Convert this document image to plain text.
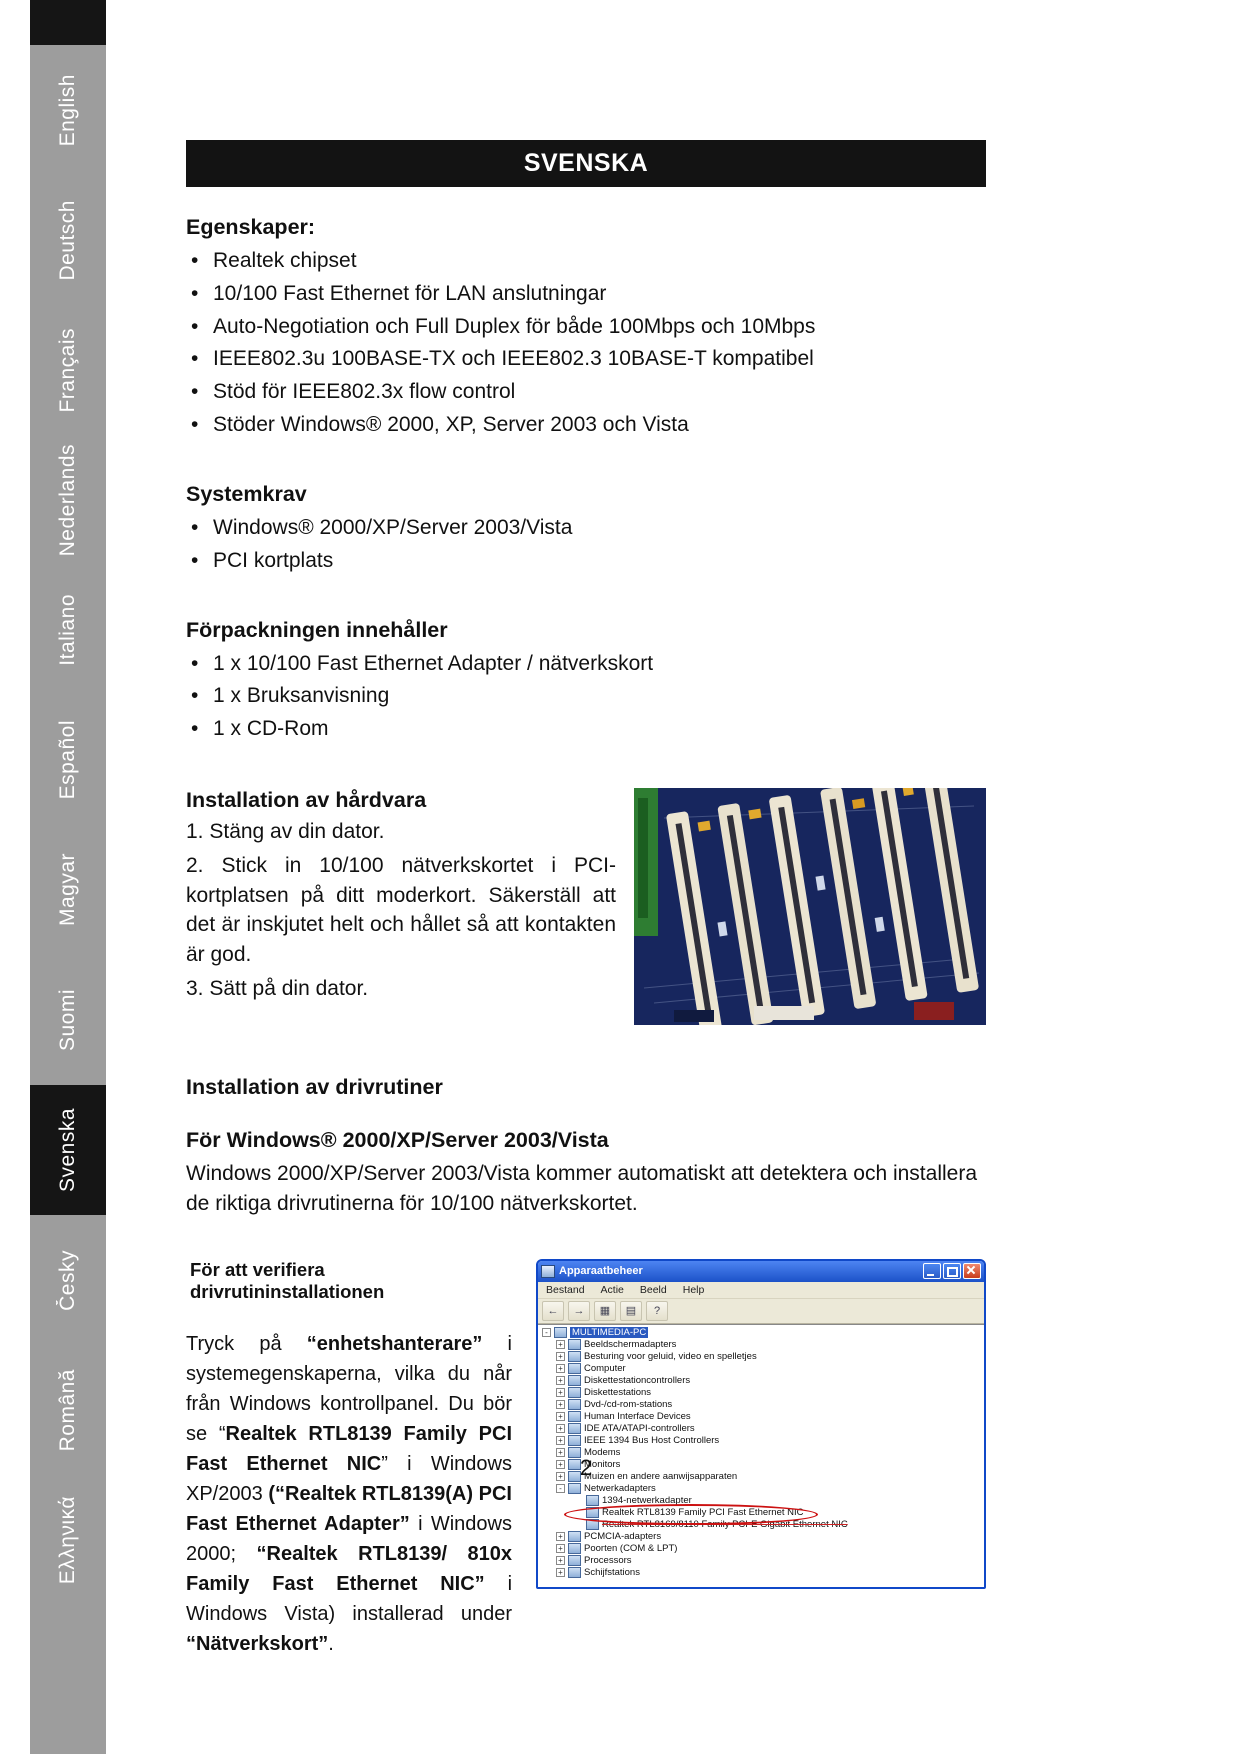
English
Deutsch
Français
Nederlands
Italiano
Español
Magyar
Suomi
Svenska
Česky
Română
Ελληνικά
SVENSKA

Egenskaper:

• Realtek chipset
• 10/100 Fast Ethernet för LAN anslutningar
• Auto-Negotiation och Full Duplex för både 100Mbps och 10Mbps
• IEEE802.3u 100BASE-TX och IEEE802.3 10BASE-T kompatibel
• Stöd för IEEE802.3x flow control
• Stöder Windows® 2000, XP, Server 2003 och Vista

Systemkrav

• Windows® 2000/XP/Server 2003/Vista
• PCI kortplats

Förpackningen innehåller

• 1 x 10/100 Fast Ethernet Adapter / nätverkskort
• 1 x Bruksanvisning
• 1 x CD-Rom

Installation av hårdvara

1. Stäng av din dator.

2. Stick in 10/100 nätverkskortet i PCI-kortplatsen på ditt moderkort. Säkerställ att det är inskjutet helt och hållet så att kontakten är god.

3. Sätt på din dator.

Installation av drivrutiner

För Windows® 2000/XP/Server 2003/Vista

Windows 2000/XP/Server 2003/Vista kommer automatiskt att detektera och installera de riktiga drivrutinerna för 10/100 nätverkskortet.

För att verifiera drivrutininstallationen

Tryck på “enhetshanterare” i systemegenskaperna, vilka du når från Windows kontrollpanel. Du bör se “Realtek RTL8139 Family PCI Fast Ethernet NIC” i Windows XP/2003 (“Realtek RTL8139(A) PCI Fast Ethernet Adapter” i Windows 2000; “Realtek RTL8139/ 810x Family Fast Ethernet NIC” i Windows Vista) installerad under “Nätverkskort”.

Apparaatbeheer
Bestand Actie Beeld Help
←	→	▦	▤	?
-	MULTIMEDIA-PC
+ Beeldschermadapters
+ Besturing voor geluid, video en spelletjes
+ Computer
+ Diskettestationcontrollers
+ Diskettestations
+ Dvd-/cd-rom-stations
+ Human Interface Devices
+ IDE ATA/ATAPI-controllers
+ IEEE 1394 Bus Host Controllers
+ Modems
+ Monitors
+ Muizen en andere aanwijsapparaten
-	Netwerkadapters
1394-netwerkadapter
Realtek RTL8139 Family PCI Fast Ethernet NIC
Realtek RTL8169/8110 Family PCI-E Gigabit Ethernet NIC
+ PCMCIA-adapters
+ Poorten (COM & LPT)
+ Processors
+ Schijfstations
2
